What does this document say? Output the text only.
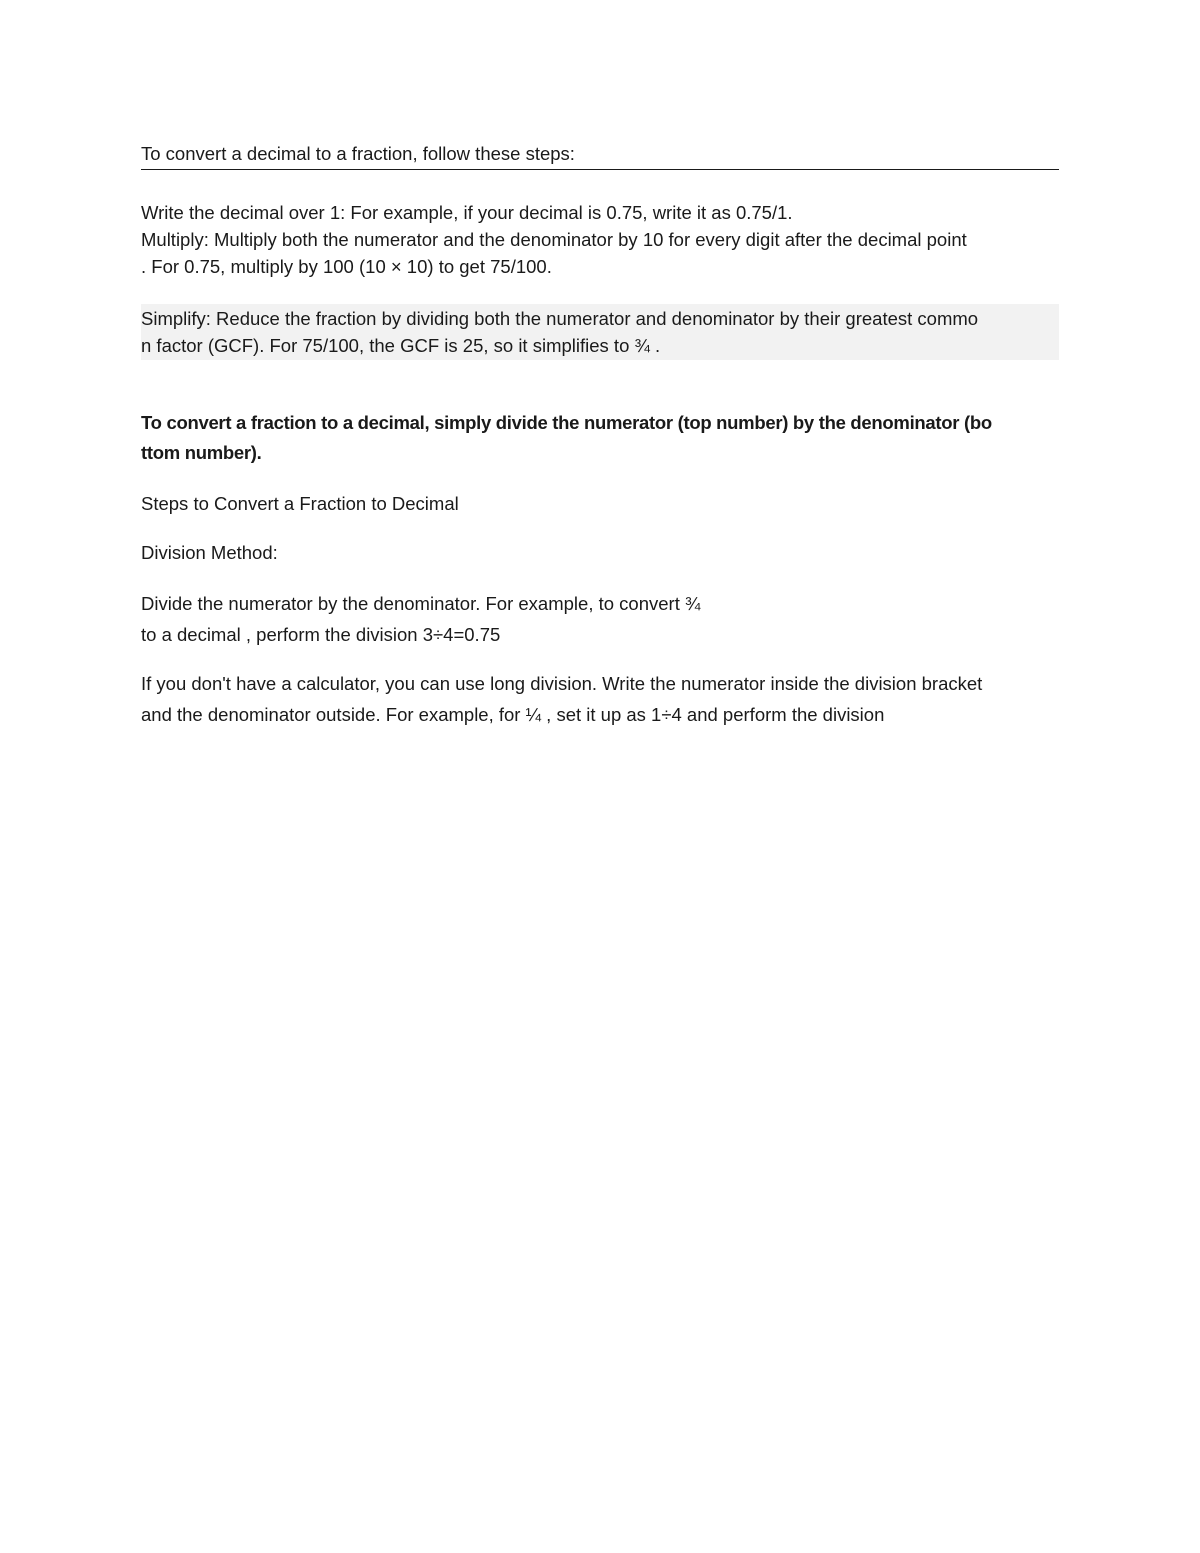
To convert a decimal to a fraction, follow these steps:
Write the decimal over 1: For example, if your decimal is 0.75, write it as 0.75/1.
Multiply: Multiply both the numerator and the denominator by 10 for every digit after the decimal point
. For 0.75, multiply by 100 (10 × 10) to get 75/100.
Simplify: Reduce the fraction by dividing both the numerator and denominator by their greatest commo
n factor (GCF). For 75/100, the GCF is 25, so it simplifies to ¾ .
To convert a fraction to a decimal, simply divide the numerator (top number) by the denominator (bo
ttom number).
Steps to Convert a Fraction to Decimal
Division Method:
Divide the numerator by the denominator. For example, to convert ¾
to a decimal , perform the division 3÷4=0.75
If you don't have a calculator, you can use long division. Write the numerator inside the division bracket
and the denominator outside. For example, for ¼ , set it up as 1÷4 and perform the division
